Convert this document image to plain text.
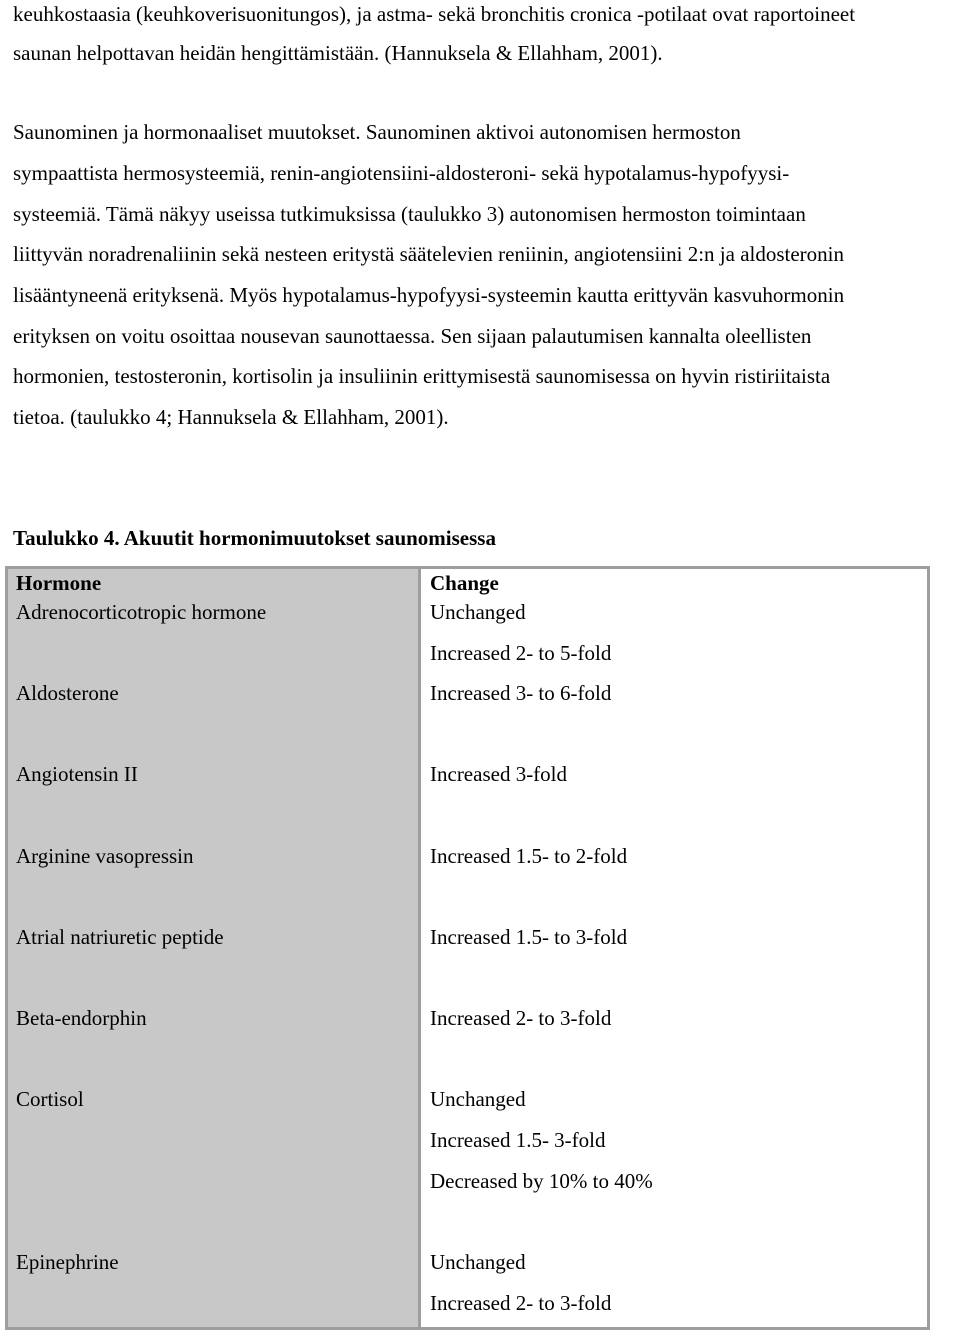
keuhkostaasia (keuhkoverisuonitungos), ja astma- sekä bronchitis cronica -potilaat ovat raportoineet
saunan helpottavan heidän hengittämistään. (Hannuksela & Ellahham, 2001).
Saunominen ja hormonaaliset muutokset. Saunominen aktivoi autonomisen hermoston
sympaattista hermosysteemiä, renin-angiotensiini-aldosteroni- sekä hypotalamus-hypofyysi-
systeemiä. Tämä näkyy useissa tutkimuksissa (taulukko 3) autonomisen hermoston toimintaan
liittyvän noradrenaliinin sekä nesteen eritystä säätelevien reniinin, angiotensiini 2:n ja aldosteronin
lisääntyneenä erityksenä. Myös hypotalamus-hypofyysi-systeemin kautta erittyvän kasvuhormonin
erityksen on voitu osoittaa nousevan saunottaessa. Sen sijaan palautumisen kannalta oleellisten
hormonien, testosteronin, kortisolin ja insuliinin erittymisestä saunomisessa on hyvin ristiriitaista
tietoa. (taulukko 4; Hannuksela & Ellahham, 2001).
Taulukko 4. Akuutit hormonimuutokset saunomisessa
Hormone	Change
Adrenocorticotropic hormone
Aldosterone
Angiotensin II
Arginine vasopressin
Atrial natriuretic peptide
Beta-endorphin
Cortisol
Epinephrine
Unchanged
Increased 2- to 5-fold
Increased 3- to 6-fold
Increased 3-fold
Increased 1.5- to 2-fold
Increased 1.5- to 3-fold
Increased 2- to 3-fold
Unchanged
Increased 1.5- 3-fold
Decreased by 10% to 40%
Unchanged
Increased 2- to 3-fold
